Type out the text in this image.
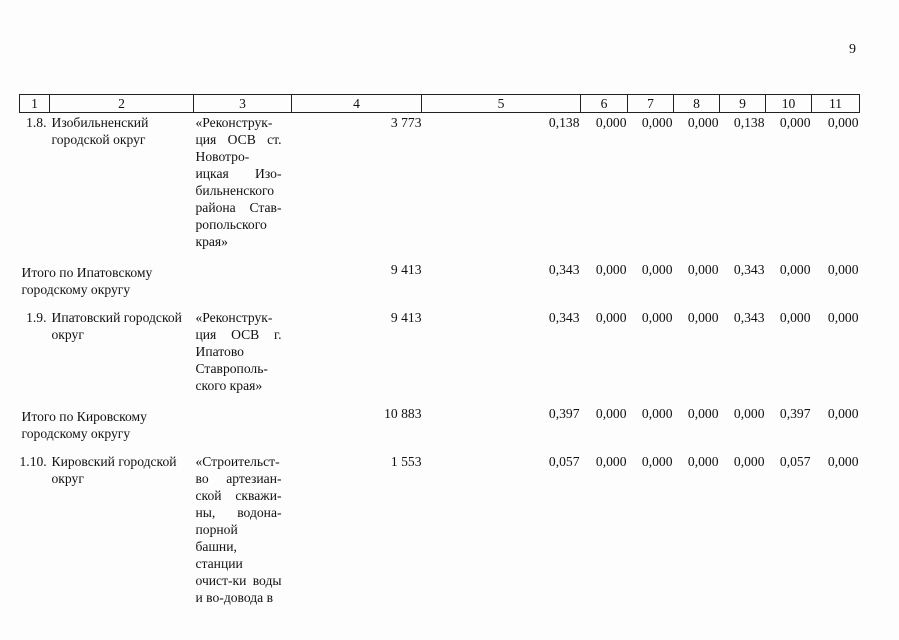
9
1	2	3	4	5	6	7	8	9	10	11
1.8.	Изобильненский городской округ	«Реконструк-ция ОСВ ст. Новотро-ицкая Изо-бильненского района Став-ропольского края»	3 773	0,138	0,000	0,000	0,000	0,138	0,000	0,000

Итого по Ипатовскому городскому округу			9 413	0,343	0,000	0,000	0,000	0,343	0,000	0,000

1.9.	Ипатовский городской округ	«Реконструк-ция ОСВ г. Ипатово Ставрополь-ского края»	9 413	0,343	0,000	0,000	0,000	0,343	0,000	0,000

Итого по Кировскому городскому округу			10 883	0,397	0,000	0,000	0,000	0,000	0,397	0,000

1.10.	Кировский городской округ	«Строительст-во артезиан-ской скважи-ны, водона-порной башни, станции очист-ки воды и во-довода в	1 553	0,057	0,000	0,000	0,000	0,000	0,057	0,000
